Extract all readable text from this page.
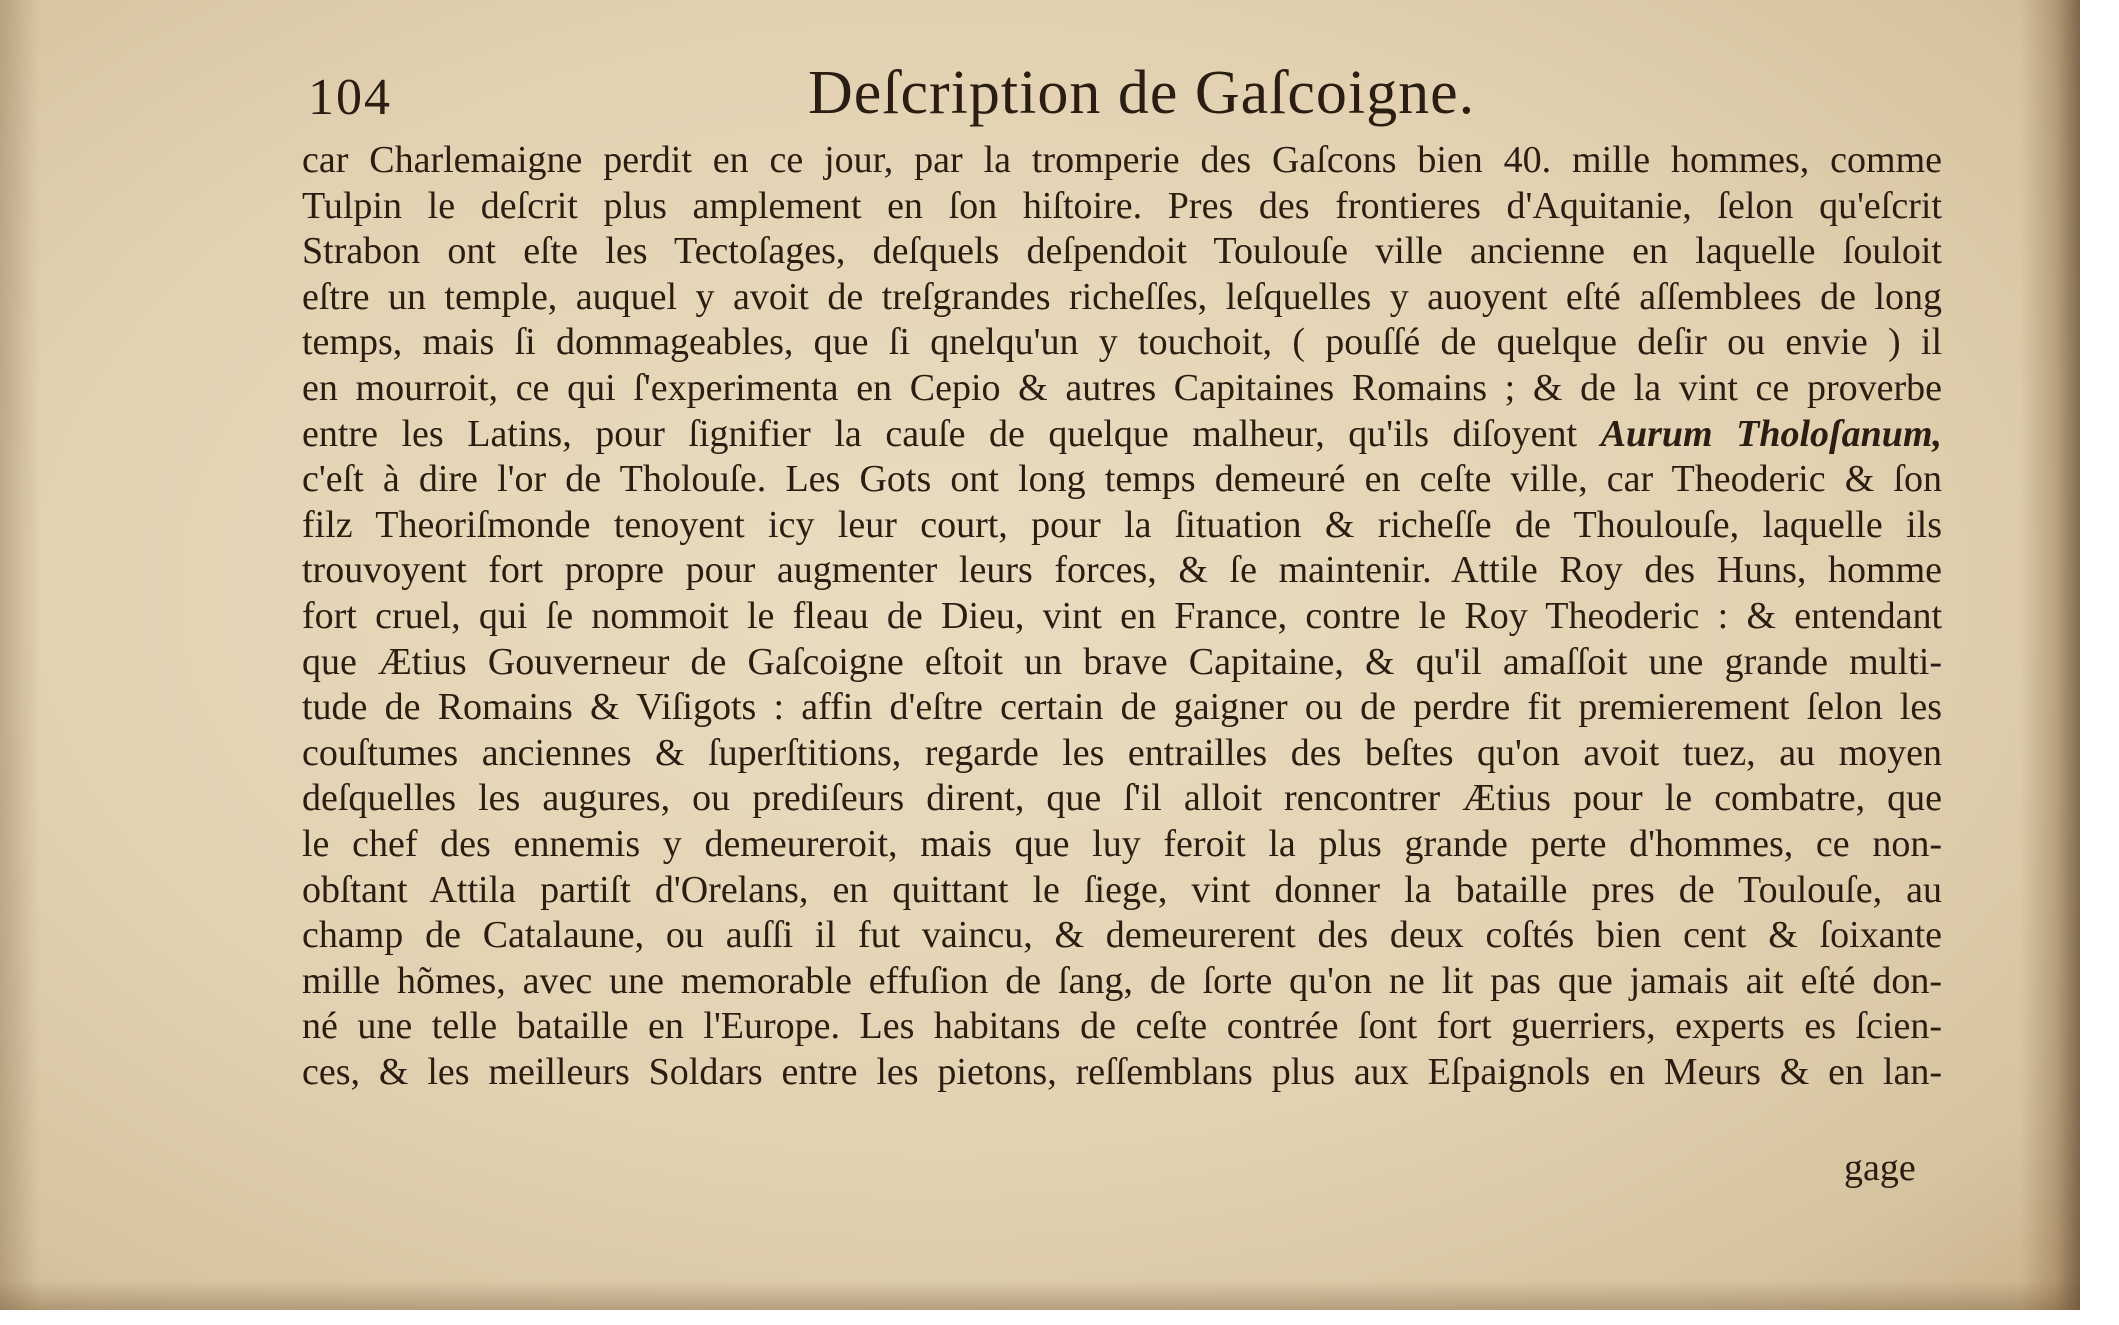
104	Deſcription de Gaſcoigne.
car Charlemaigne perdit en ce jour, par la tromperie des Gaſcons bien 40. mille hommes, comme
Tulpin le deſcrit plus amplement en ſon hiſtoire. Pres des frontieres d'Aquitanie, ſelon qu'eſcrit
Strabon ont eſte les Tectoſages, deſquels deſpendoit Toulouſe ville ancienne en laquelle ſouloit
eſtre un temple, auquel y avoit de treſgrandes richeſſes, leſquelles y auoyent eſté aſſemblees de long
temps, mais ſi dommageables, que ſi qnelqu'un y touchoit, ( pouſſé de quelque deſir ou envie ) il
en mourroit, ce qui ſ'experimenta en Cepio & autres Capitaines Romains ; & de la vint ce proverbe
entre les Latins, pour ſignifier la cauſe de quelque malheur, qu'ils diſoyent Aurum Tholoſanum,
c'eſt à dire l'or de Tholouſe. Les Gots ont long temps demeuré en ceſte ville, car Theoderic & ſon
filz Theoriſmonde tenoyent icy leur court, pour la ſituation & richeſſe de Thoulouſe, laquelle ils
trouvoyent fort propre pour augmenter leurs forces, & ſe maintenir. Attile Roy des Huns, homme
fort cruel, qui ſe nommoit le fleau de Dieu, vint en France, contre le Roy Theoderic : & entendant
que Ætius Gouverneur de Gaſcoigne eſtoit un brave Capitaine, & qu'il amaſſoit une grande multi-
tude de Romains & Viſigots : affin d'eſtre certain de gaigner ou de perdre fit premierement ſelon les
couſtumes anciennes & ſuperſtitions, regarde les entrailles des beſtes qu'on avoit tuez, au moyen
deſquelles les augures, ou prediſeurs dirent, que ſ'il alloit rencontrer Ætius pour le combatre, que
le chef des ennemis y demeureroit, mais que luy feroit la plus grande perte d'hommes, ce non-
obſtant Attila partiſt d'Orelans, en quittant le ſiege, vint donner la bataille pres de Toulouſe, au
champ de Catalaune, ou auſſi il fut vaincu, & demeurerent des deux coſtés bien cent & ſoixante
mille hõmes, avec une memorable effuſion de ſang, de ſorte qu'on ne lit pas que jamais ait eſté don-
né une telle bataille en l'Europe. Les habitans de ceſte contrée ſont fort guerriers, experts es ſcien-
ces, & les meilleurs Soldars entre les pietons, reſſemblans plus aux Eſpaignols en Meurs & en lan-
gage
